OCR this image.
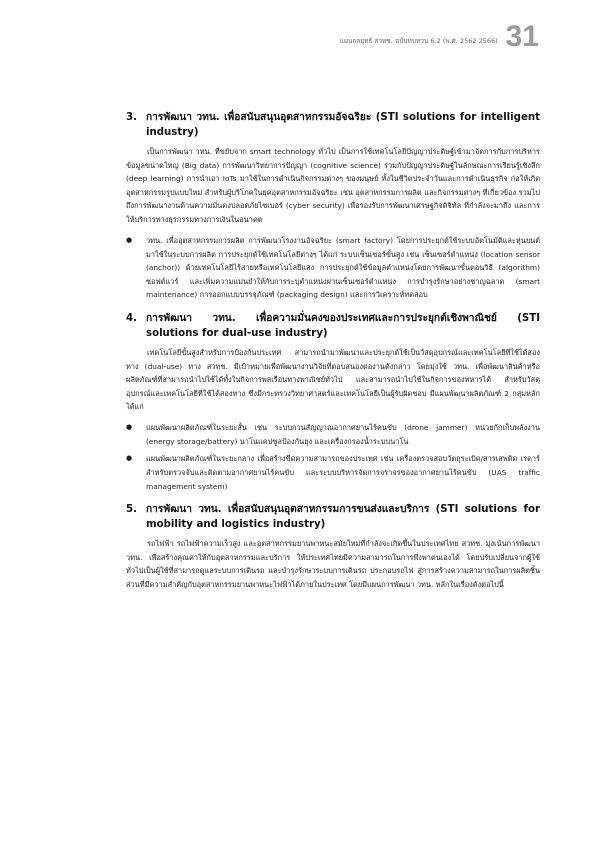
แผนกลยุทธ์ สวทช. ฉบับทบทวน 6.2 (พ.ศ. 2562 2566) 31
3. การพัฒนา วทน. เพื่อสนับสนุนอุตสาหกรรมอัจฉริยะ (STI solutions for intelligent industry)

เป็นการพัฒนา วทน. ที่ขยับจาก smart technology ทั่วไป เป็นการใช้เทคโนโลยีปัญญาประดิษฐ์เข้ามาจัดการกับการบริหารข้อมูลขนาดใหญ่ (Big data) การพัฒนาวิทยาการปัญญา (cognitive science) ร่วมกับปัญญาประดิษฐ์ในลักษณะการเรียนรู้เชิงลึก (deep learning) การนำเอา IoTs มาใช้ในการดำเนินกิจกรรมต่างๆ ของมนุษย์ ทั้งในชีวิตประจำวันและการดำเนินธุรกิจ ก่อให้เกิดอุตสาหกรรมรูปแบบใหม่ สำหรับผู้บริโภคในยุคอุตสาหกรรมอัจฉริยะ เช่น อุตสาหกรรมการผลิต และกิจกรรมต่างๆ ที่เกี่ยวข้อง รวมไปถึงการพัฒนางานด้านความมั่นคงปลอดภัยไซเบอร์ (cyber security) เพื่อรองรับการพัฒนาเศรษฐกิจดิจิทัล ที่กำลังจะมาถึง และการให้บริการทางธุรกรรมทางการเงินในอนาคต

●	วทน. เพื่ออุตสาหกรรมการผลิต การพัฒนาโรงงานอัจฉริยะ (smart factory) โดยการประยุกต์ใช้ระบบอัตโนมัติและหุ่นยนต์มาใช้ในระบบการผลิต การประยุกต์ใช้เทคโนโลยีต่างๆ ได้แก่ ระบบเซ็นเซอร์ขั้นสูง เช่น เซ็นเซอร์ตำแหน่ง (location sensor (anchor)) ด้วยเทคโนโลยีไร้สายหรือเทคโนโลยีแสง การประยุกต์ใช้ข้อมูลตำแหน่งโดยการพัฒนาขั้นตอนวิธี (algorithm) ซอฟต์แวร์ และเพิ่มความแม่นยำให้กับการระบุตำแหน่งผ่านเซ็นเซอร์ตำแหน่ง การบำรุงรักษาอย่างชาญฉลาด (smart maintenance) การออกแบบบรรจุภัณฑ์ (packaging design) และการวิเคราะห์ทดสอบ
4. การพัฒนา วทน. เพื่อความมั่นคงของประเทศและการประยุกต์เชิงพาณิชย์ (STI solutions for dual-use industry)

เทคโนโลยีขั้นสูงสำหรับการป้องกันประเทศ สามารถนำมาพัฒนาและประยุกต์ใช้เป็นวัสดุอุปกรณ์และเทคโนโลยีที่ใช้ได้สองทาง (dual-use) ทาง สวทช. มีเป้าหมายเพื่อพัฒนางานวิจัยที่ตอบสนองต่องานดังกล่าว โดยมุ่งใช้ วทน. เพื่อพัฒนาสินค้าหรือผลิตภัณฑ์ที่สามารถนำไปใช้ได้ทั้งในกิจการพลเรือนทางพาณิชย์ทั่วไป และสามารถนำไปใช้ในกิจการของทหารได้ สำหรับวัสดุอุปกรณ์และเทคโนโลยีที่ใช้ได้สองทาง ซึ่งมีกระทรวงวิทยาศาสตร์และเทคโนโลยีเป็นผู้รับผิดชอบ มีแผนพัฒนาผลิตภัณฑ์ 2 กลุ่มหลัก ได้แก่

●	แผนพัฒนาผลิตภัณฑ์ในระยะสั้น เช่น ระบบกวนสัญญาณอากาศยานไร้คนขับ (drone jammer) หน่วยกักเก็บพลังงาน (energy storage/battery) นาโนแคปซูลป้องกันยุง และเครื่องกรองน้ำระบบนาโน
●	แผนพัฒนาผลิตภัณฑ์ในระยะกลาง เพื่อสร้างขีดความสามารถของประเทศ เช่น เครื่องตรวจสอบวัตถุระเบิด/สารเสพติด เรดาร์สำหรับตรวจจับและติดตามอากาศยานไร้คนขับ และระบบบริหารจัดการจราจรของอากาศยานไร้คนขับ (UAS traffic management system)
5. การพัฒนา วทน. เพื่อสนับสนุนอุตสาหกรรมการขนส่งและบริการ (STI solutions for mobility and logistics industry)

รถไฟฟ้า รถไฟฟ้าความเร็วสูง และอุตสาหกรรมยานพาหนะสมัยใหม่ที่กำลังจะเกิดขึ้นในประเทศไทย สวทช. มุ่งเน้นการพัฒนา วทน. เพื่อสร้างคุณค่าให้กับอุตสาหกรรมและบริการ ให้ประเทศไทยมีความสามารถในการพึ่งพาตนเองได้ โดยปรับเปลี่ยนจากผู้ใช้ทั่วไปเป็นผู้ใช้ที่สามารถดูแลระบบการเดินรถ และบำรุงรักษาระบบการเดินรถ ประกอบรถไฟ สู่การสร้างความสามารถในการผลิตชิ้นส่วนที่มีความสำคัญกับอุตสาหกรรมยานพาหนะไฟฟ้าได้ภายในประเทศ โดยมีแผนการพัฒนา วทน. หลักในเรื่องดังต่อไปนี้
